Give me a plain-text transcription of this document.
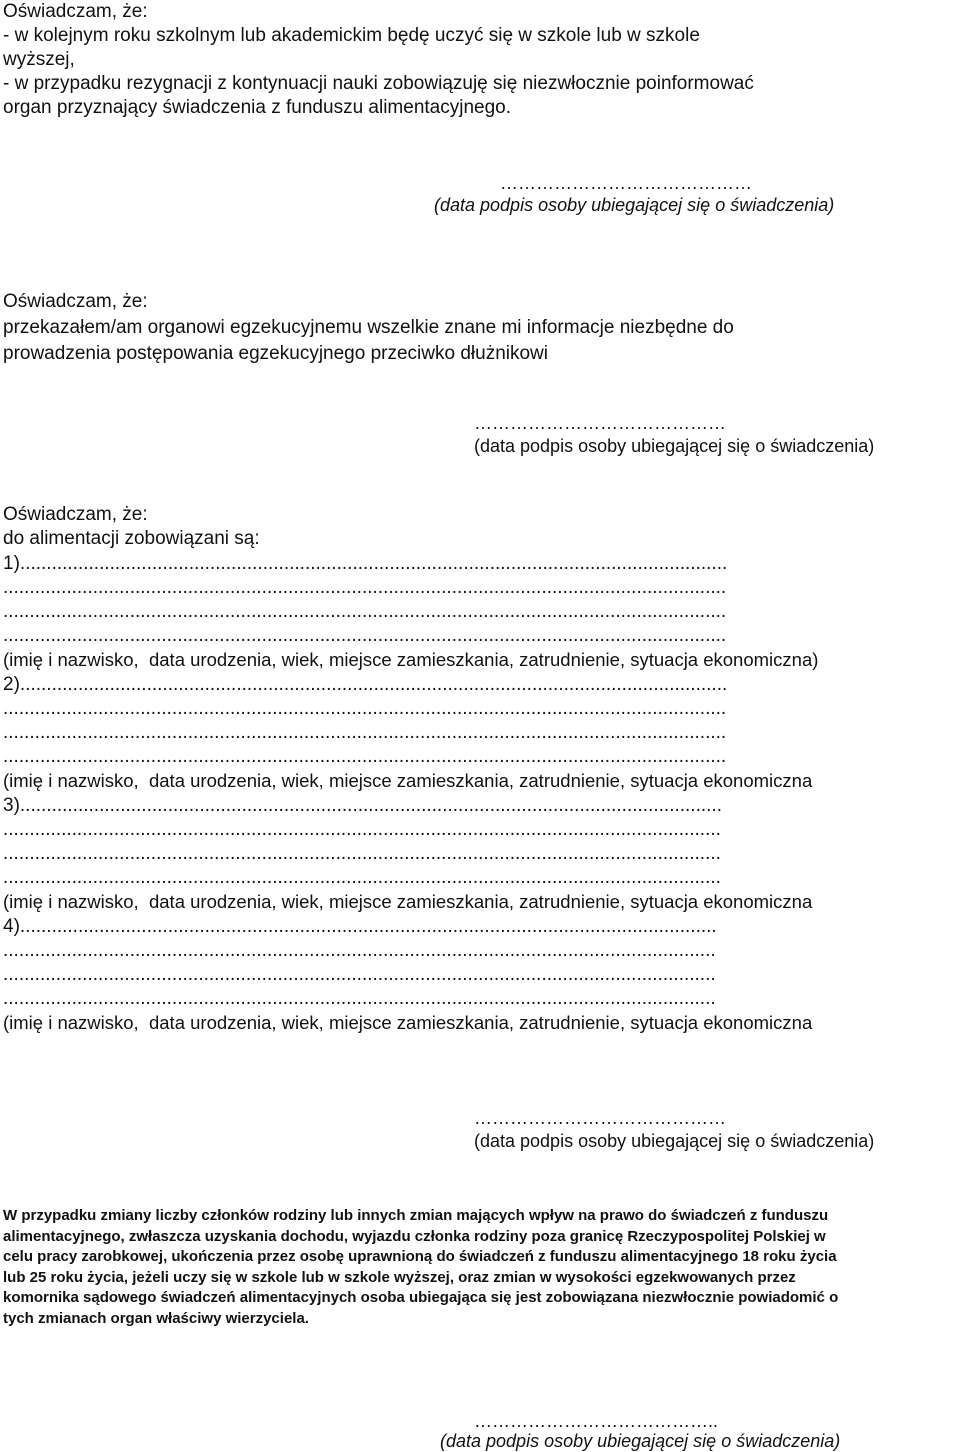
Oświadczam, że:
- w kolejnym roku szkolnym lub akademickim będę uczyć się w szkole lub w szkole
wyższej,
- w przypadku rezygnacji z kontynuacji nauki zobowiązuję się niezwłocznie poinformować
organ przyznający świadczenia z funduszu alimentacyjnego.
……………………………………
(data podpis osoby ubiegającej się o świadczenia)
Oświadczam, że:
przekazałem/am organowi egzekucyjnemu wszelkie znane mi informacje niezbędne do
prowadzenia postępowania egzekucyjnego przeciwko dłużnikowi
……………………………………
(data podpis osoby ubiegającej się o świadczenia)
Oświadczam, że:
do alimentacji zobowiązani są:
1)......................................................................................................................................
.........................................................................................................................................
.........................................................................................................................................
.........................................................................................................................................
(imię i nazwisko,  data urodzenia, wiek, miejsce zamieszkania, zatrudnienie, sytuacja ekonomiczna)
2)......................................................................................................................................
.........................................................................................................................................
.........................................................................................................................................
.........................................................................................................................................
(imię i nazwisko,  data urodzenia, wiek, miejsce zamieszkania, zatrudnienie, sytuacja ekonomiczna
3).....................................................................................................................................
........................................................................................................................................
........................................................................................................................................
........................................................................................................................................
(imię i nazwisko,  data urodzenia, wiek, miejsce zamieszkania, zatrudnienie, sytuacja ekonomiczna
4)....................................................................................................................................
.......................................................................................................................................
.......................................................................................................................................
.......................................................................................................................................
(imię i nazwisko,  data urodzenia, wiek, miejsce zamieszkania, zatrudnienie, sytuacja ekonomiczna
……………………………………
(data podpis osoby ubiegającej się o świadczenia)
W przypadku zmiany liczby członków rodziny lub innych zmian mających wpływ na prawo do świadczeń z funduszu
alimentacyjnego, zwłaszcza uzyskania dochodu, wyjazdu członka rodziny poza granicę Rzeczypospolitej Polskiej w
celu pracy zarobkowej, ukończenia przez osobę uprawnioną do świadczeń z funduszu alimentacyjnego 18 roku życia
lub 25 roku życia, jeżeli uczy się w szkole lub w szkole wyższej, oraz zmian w wysokości egzekwowanych przez
komornika sądowego świadczeń alimentacyjnych osoba ubiegająca się jest zobowiązana niezwłocznie powiadomić o
tych zmianach organ właściwy wierzyciela.
…………………………………..
(data podpis osoby ubiegającej się o świadczenia)
